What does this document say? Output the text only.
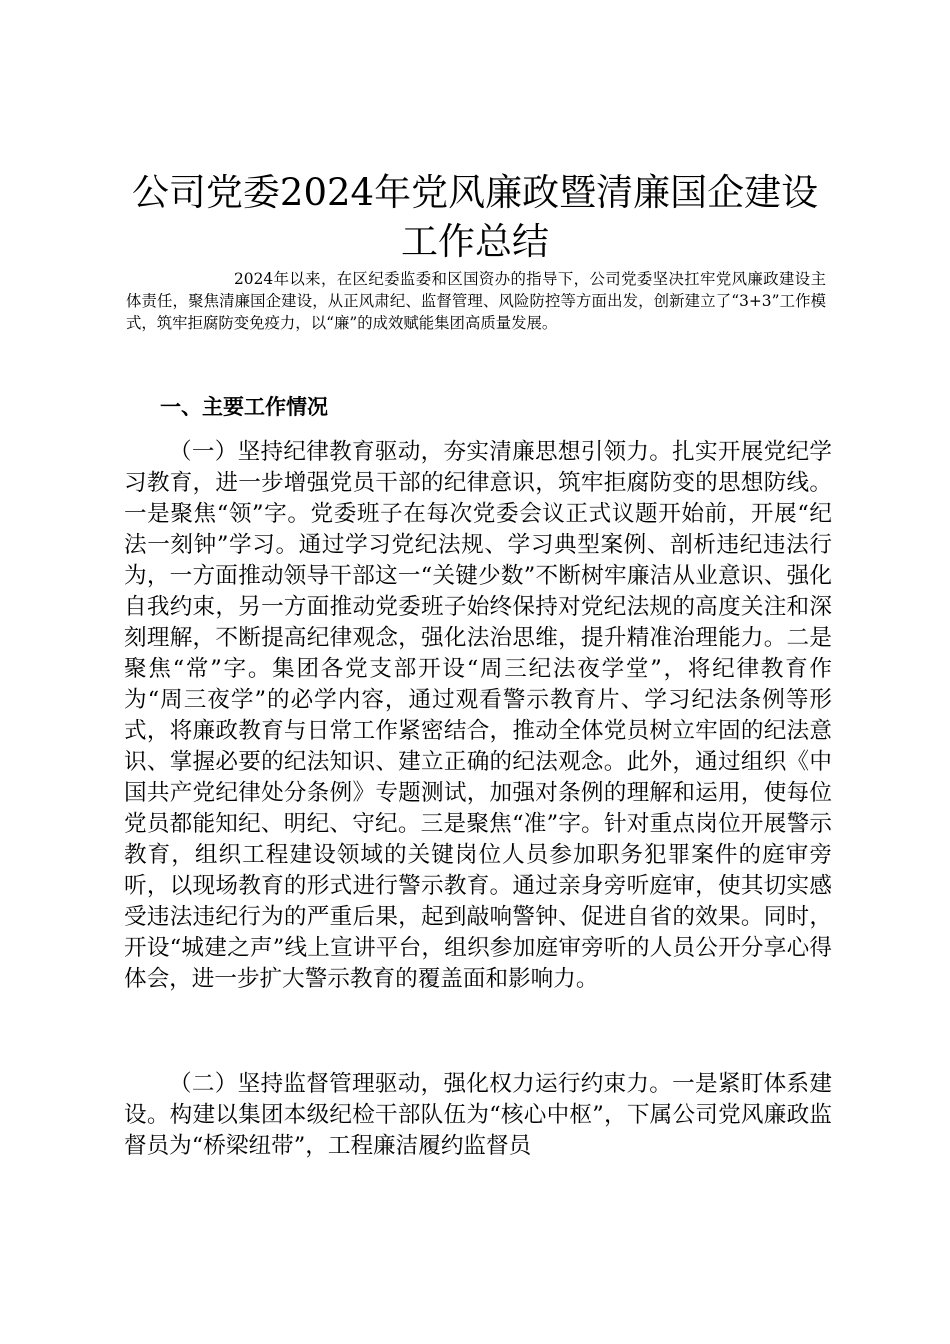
公司党委2024年党风廉政暨清廉国企建设工作总结

2024年以来，在区纪委监委和区国资办的指导下，公司党委坚决扛牢党风廉政建设主体责任，聚焦清廉国企建设，从正风肃纪、监督管理、风险防控等方面出发，创新建立了“3+3”工作模式，筑牢拒腐防变免疫力，以“廉”的成效赋能集团高质量发展。

一、主要工作情况

（一）坚持纪律教育驱动，夯实清廉思想引领力。扎实开展党纪学习教育，进一步增强党员干部的纪律意识，筑牢拒腐防变的思想防线。一是聚焦“领”字。党委班子在每次党委会议正式议题开始前，开展“纪法一刻钟”学习。通过学习党纪法规、学习典型案例、剖析违纪违法行为，一方面推动领导干部这一“关键少数”不断树牢廉洁从业意识、强化自我约束，另一方面推动党委班子始终保持对党纪法规的高度关注和深刻理解，不断提高纪律观念，强化法治思维，提升精准治理能力。二是聚焦“常”字。集团各党支部开设“周三纪法夜学堂”，将纪律教育作为“周三夜学”的必学内容，通过观看警示教育片、学习纪法条例等形式，将廉政教育与日常工作紧密结合，推动全体党员树立牢固的纪法意识、掌握必要的纪法知识、建立正确的纪法观念。此外，通过组织《中国共产党纪律处分条例》专题测试，加强对条例的理解和运用，使每位党员都能知纪、明纪、守纪。三是聚焦“准”字。针对重点岗位开展警示教育，组织工程建设领域的关键岗位人员参加职务犯罪案件的庭审旁听，以现场教育的形式进行警示教育。通过亲身旁听庭审，使其切实感受违法违纪行为的严重后果，起到敲响警钟、促进自省的效果。同时，开设“城建之声”线上宣讲平台，组织参加庭审旁听的人员公开分享心得体会，进一步扩大警示教育的覆盖面和影响力。

（二）坚持监督管理驱动，强化权力运行约束力。一是紧盯体系建设。构建以集团本级纪检干部队伍为“核心中枢”，下属公司党风廉政监督员为“桥梁纽带”，工程廉洁履约监督员
